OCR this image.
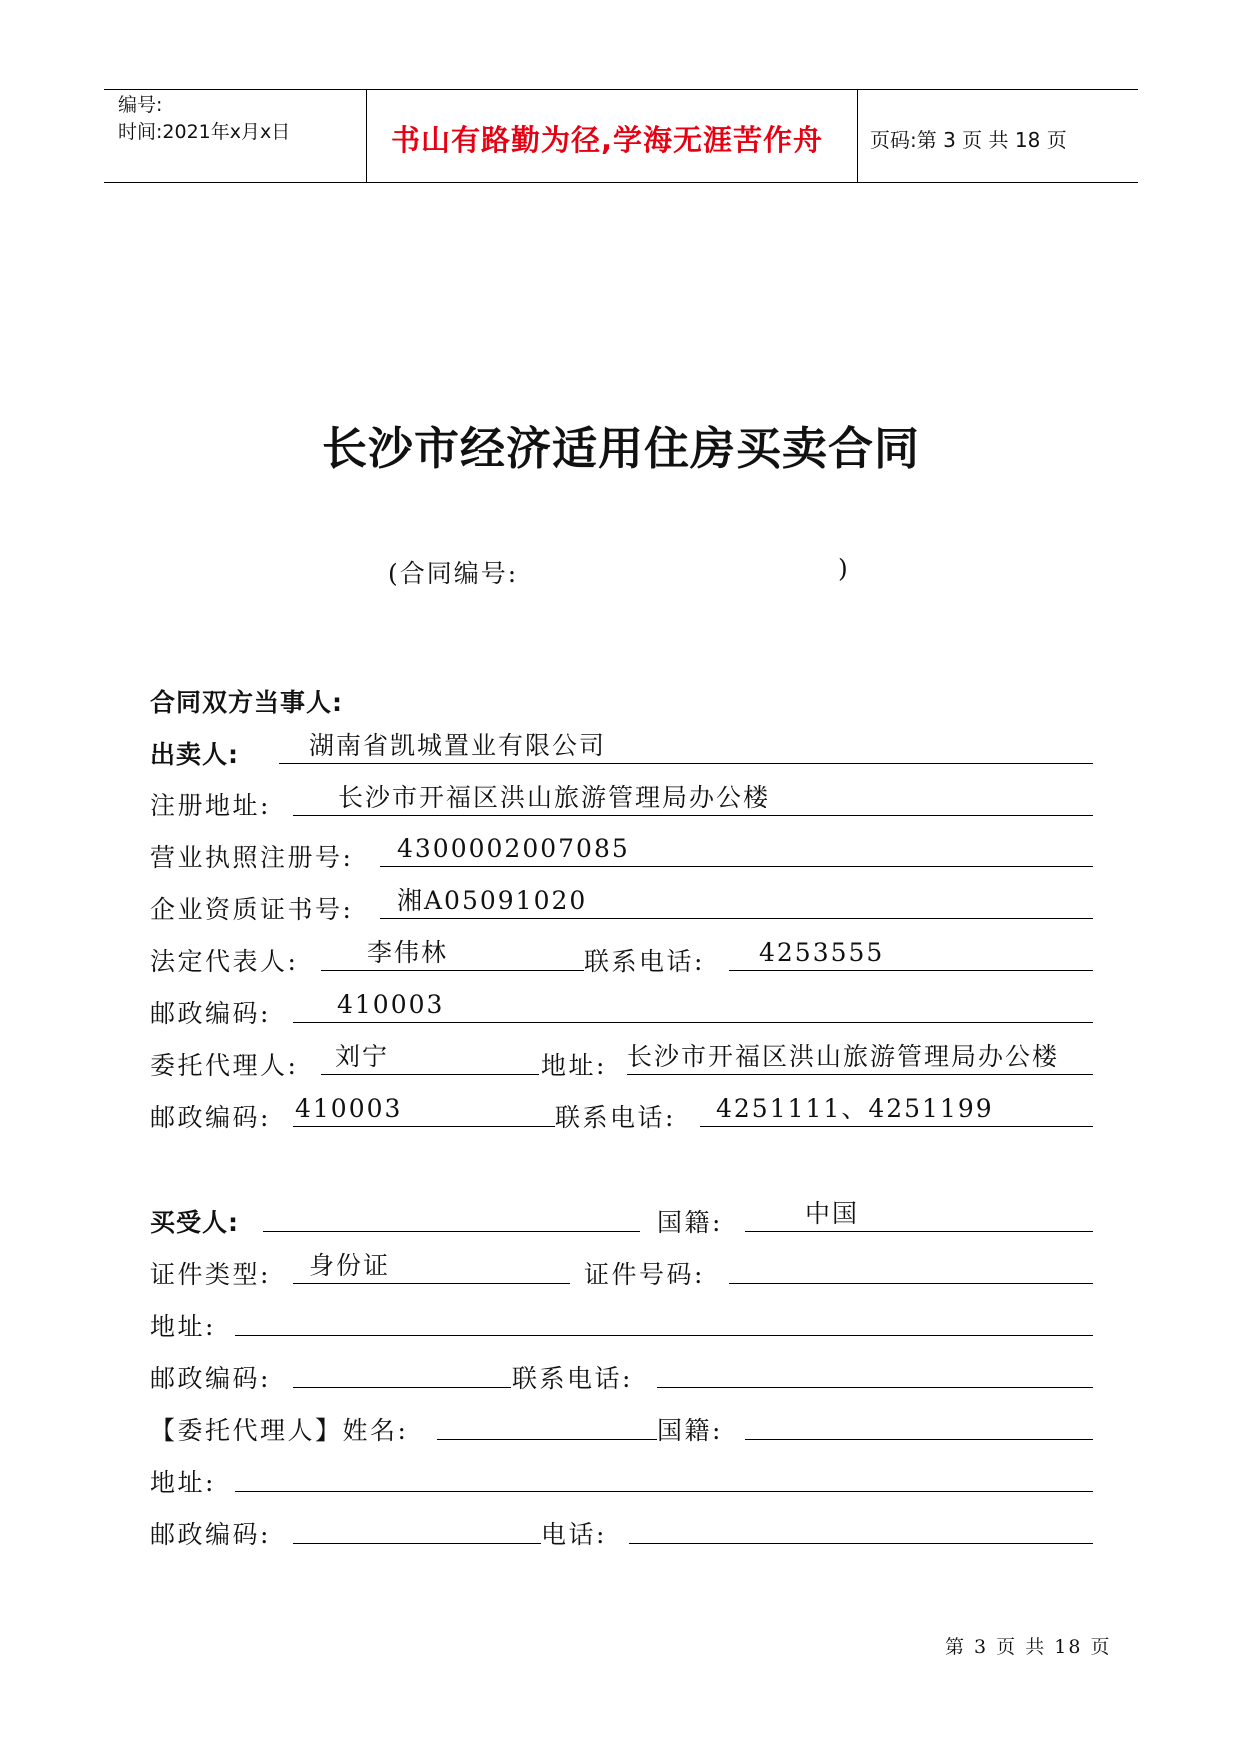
编号:
时间:2021年x月x日	书山有路勤为径,学海无涯苦作舟 页码:第 3 页 共 18 页
长沙市经济适用住房买卖合同
(合同编号:	)
合同双方当事人:
出卖人:	湖南省凯城置业有限公司
注册地址:	长沙市开福区洪山旅游管理局办公楼
营业执照注册号:	4300002007085
企业资质证书号:	湘A05091020
法定代表人:	李伟林	联系电话:	4253555
邮政编码:	410003
委托代理人:	刘宁	地址: 长沙市开福区洪山旅游管理局办公楼
邮政编码: 410003	联系电话:	4251111、4251199
买受人:	国籍:	中国
证件类型:	身份证	证件号码:
地址:
邮政编码:	联系电话:
【委托代理人】姓名:	国籍:
地址:
邮政编码:	电话:
第 3 页 共 18 页
